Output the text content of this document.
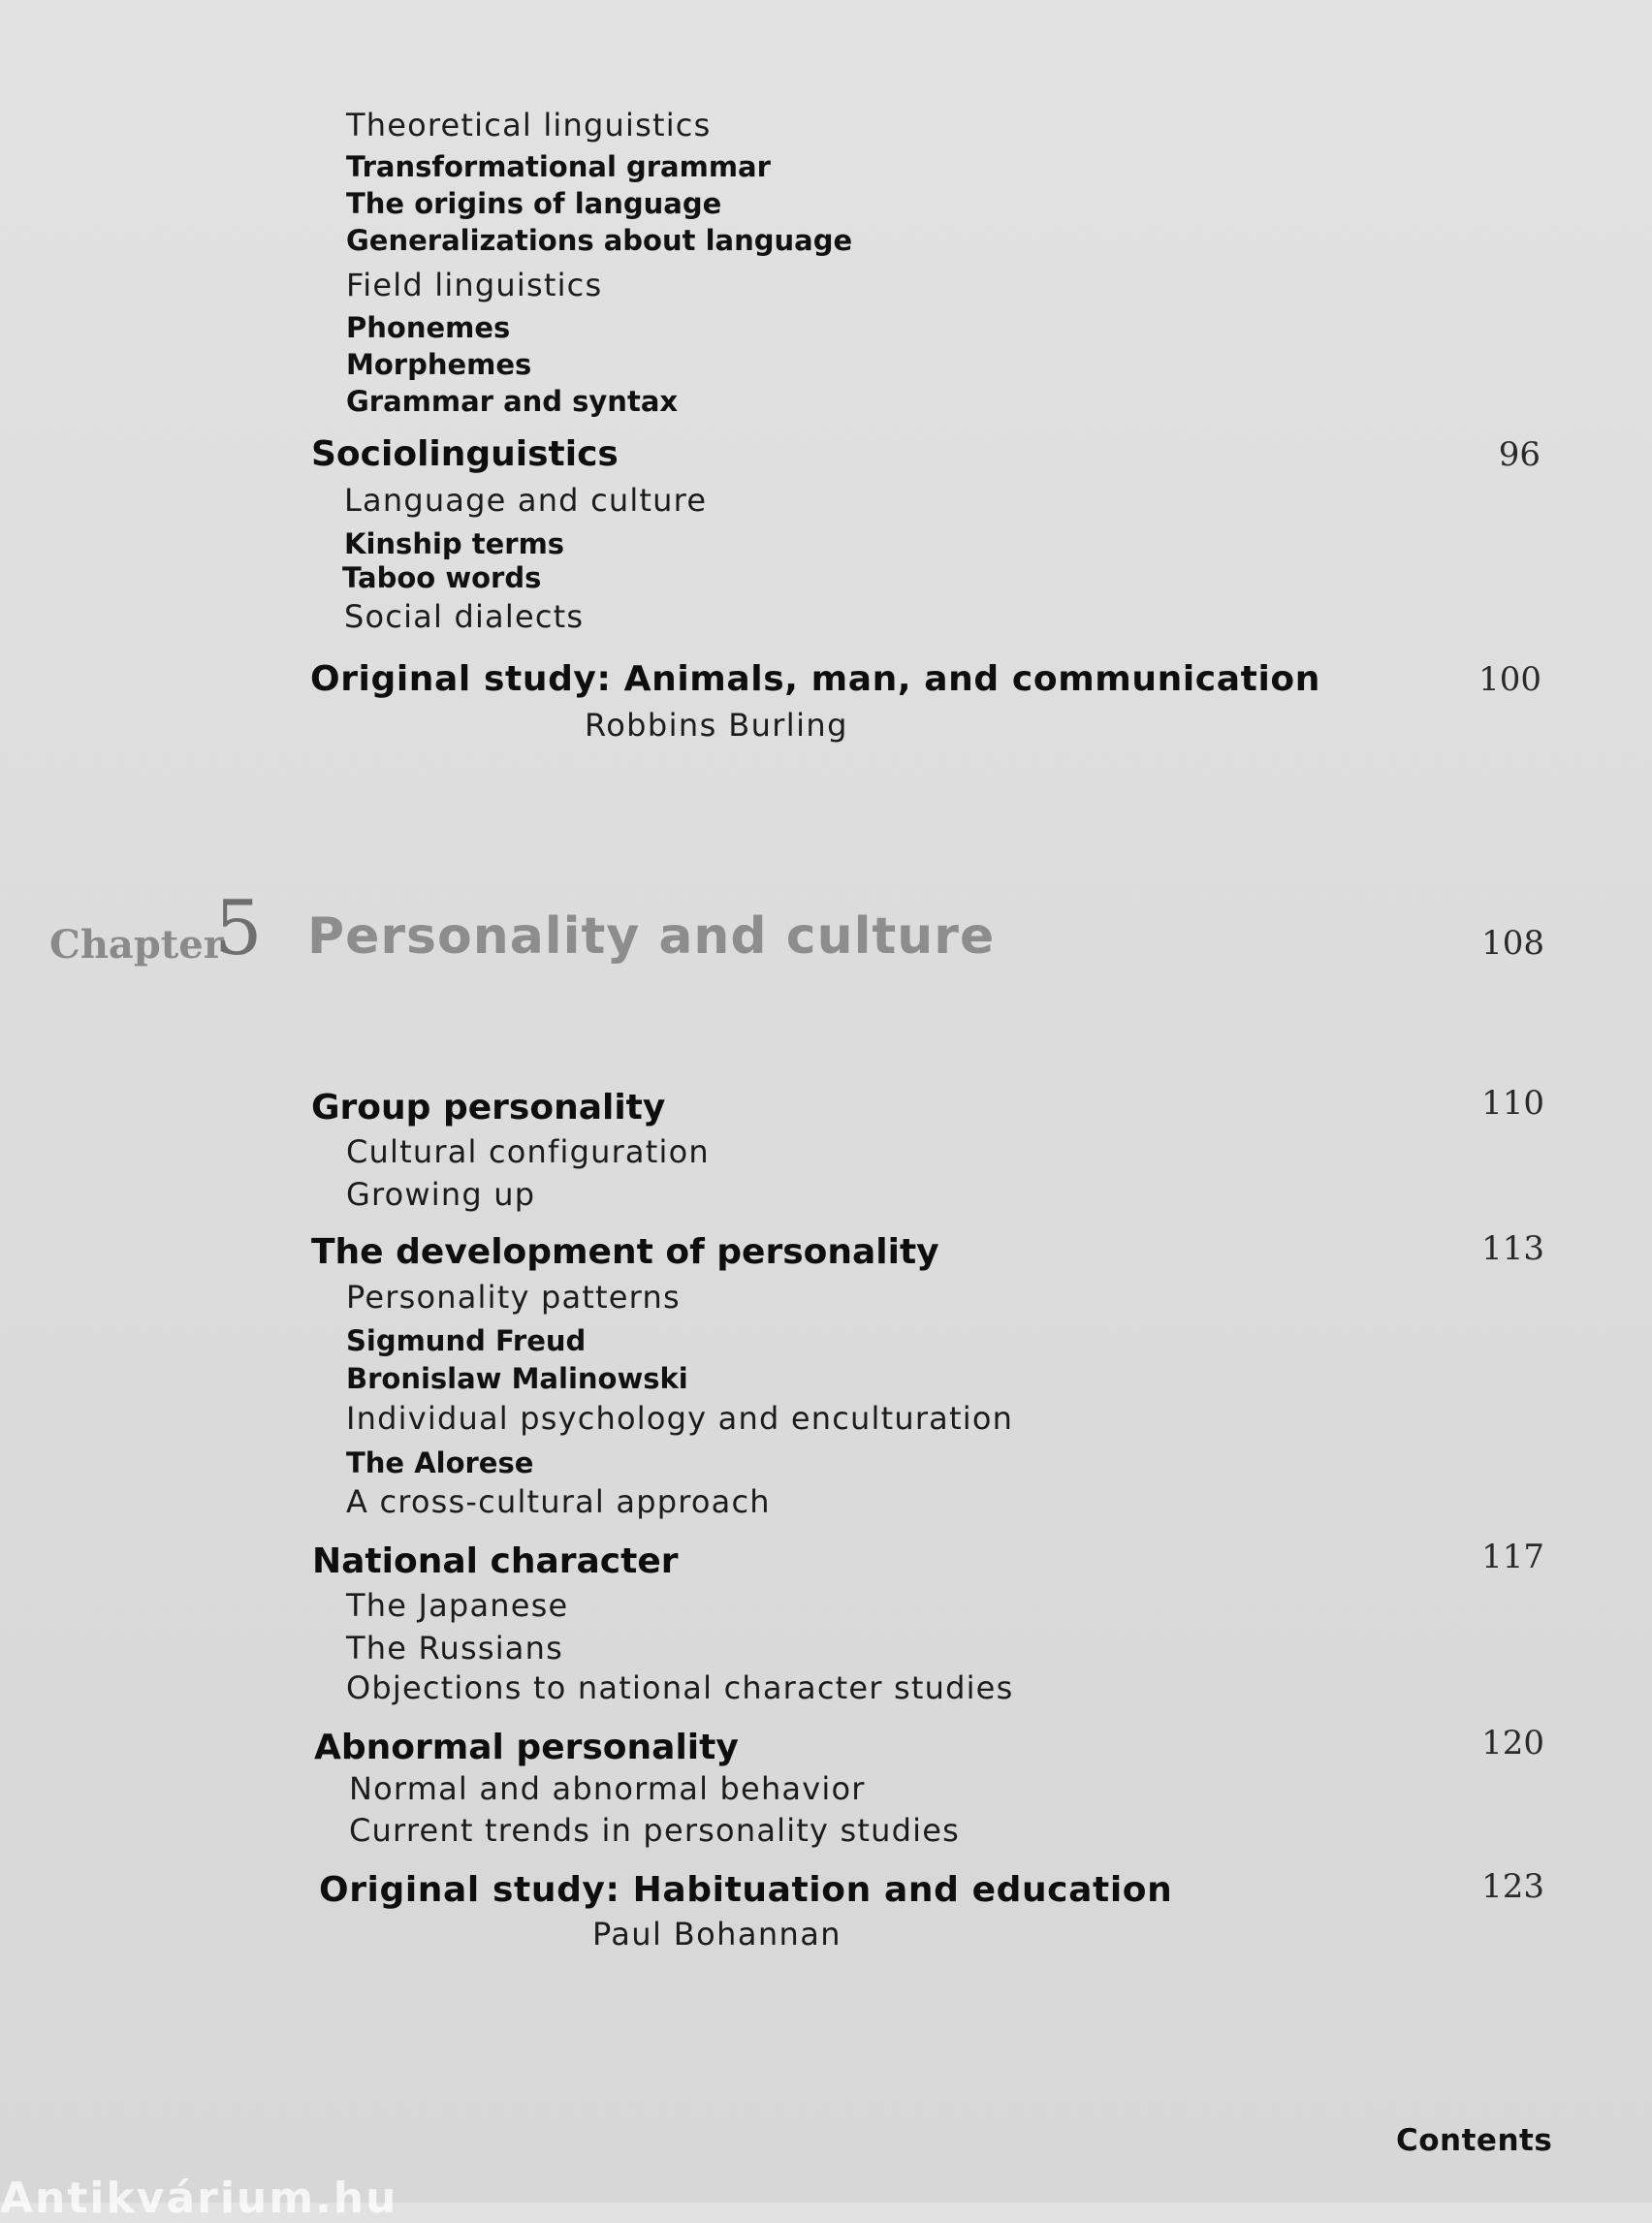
Theoretical linguistics
Transformational grammar
The origins of language
Generalizations about language
Field linguistics
Phonemes
Morphemes
Grammar and syntax
Sociolinguistics	96
Language and culture
Kinship terms
Taboo words
Social dialects
Original study: Animals, man, and communication	100
Robbins Burling
Chapter
5 Personality and culture	108
Group personality	110
Cultural configuration
Growing up
The development of personality	113
Personality patterns
Sigmund Freud
Bronislaw Malinowski
Individual psychology and enculturation
The Alorese
A cross-cultural approach
National character	117
The Japanese
The Russians
Objections to national character studies
Abnormal personality	120
Normal and abnormal behavior
Current trends in personality studies
Original study: Habituation and education	123
Paul Bohannan
Contents
Antikvárium.hu
